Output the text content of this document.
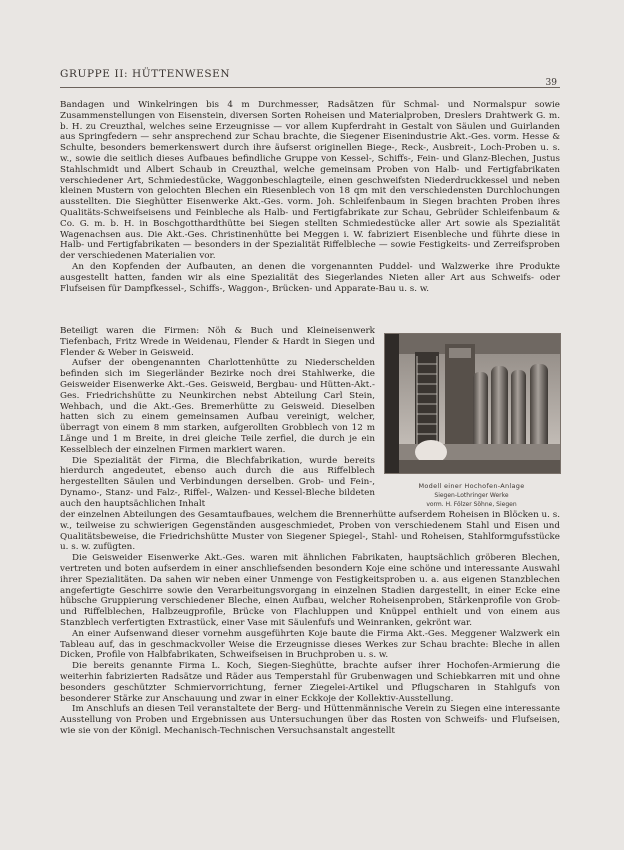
GRUPPE II: HÜTTENWESEN
39

Bandagen und Winkelringen bis 4 m Durchmesser, Radsätzen für Schmal- und Normalspur sowie Zusammenstellungen von Eisenstein, diversen Sorten Roheisen und Materialproben, Dreslers Drahtwerk G. m. b. H. zu Creuzthal, welches seine Erzeugnisse — vor allem Kupferdraht in Gestalt von Säulen und Guirlanden aus Springfedern — sehr ansprechend zur Schau brachte, die Siegener Eisenindustrie Akt.-Ges. vorm. Hesse & Schulte, besonders bemerkenswert durch ihre äufserst originellen Biege-, Reck-, Ausbreit-, Loch-Proben u. s. w., sowie die seitlich dieses Aufbaues befindliche Gruppe von Kessel-, Schiffs-, Fein- und Glanz-Blechen, Justus Stahlschmidt und Albert Schaub in Creuzthal, welche gemeinsam Proben von Halb- und Fertigfabrikaten verschiedener Art, Schmiedestücke, Waggonbeschlagteile, einen geschweifsten Niederdruckkessel und neben kleinen Mustern von gelochten Blechen ein Riesenblech von 18 qm mit den verschiedensten Durchlochungen ausstellten. Die Sieghütter Eisenwerke Akt.-Ges. vorm. Joh. Schleifenbaum in Siegen brachten Proben ihres Qualitäts-Schweifseisens und Feinbleche als Halb- und Fertigfabrikate zur Schau, Gebrüder Schleifenbaum & Co. G. m. b. H. in Boschgotthardthütte bei Siegen stellten Schmiedestücke aller Art sowie als Spezialität Wagenachsen aus. Die Akt.-Ges. Christinenhütte bei Meggen i. W. fabriziert Eisenbleche und führte diese in Halb- und Fertigfabrikaten — besonders in der Spezialität Riffelbleche — sowie Festigkeits- und Zerreifsproben der verschiedenen Materialien vor.

An den Kopfenden der Aufbauten, an denen die vorgenannten Puddel- und Walzwerke ihre Produkte ausgestellt hatten, fanden wir als eine Spezialität des Siegerlandes Nieten aller Art aus Schweifs- oder Flufseisen für Dampfkessel-, Schiffs-, Waggon-, Brücken- und Apparate-Bau u. s. w.

Beteiligt waren die Firmen: Nöh & Buch und Kleineisenwerk Tiefenbach, Fritz Wrede in Weidenau, Flender & Hardt in Siegen und Flender & Weber in Geisweid.

Aufser der obengenannten Charlottenhütte zu Niederschelden befinden sich im Siegerländer Bezirke noch drei Stahlwerke, die Geisweider Eisenwerke Akt.-Ges. Geisweid, Bergbau- und Hütten-Akt.-Ges. Friedrichshütte zu Neunkirchen nebst Abteilung Carl Stein, Wehbach, und die Akt.-Ges. Bremerhütte zu Geisweid. Dieselben hatten sich zu einem gemeinsamen Aufbau vereinigt, welcher, überragt von einem 8 mm starken, aufgerollten Grobblech von 12 m Länge und 1 m Breite, in drei gleiche Teile zerfiel, die durch je ein Kesselblech der einzelnen Firmen markiert waren.

Die Spezialität der Firma, die Blechfabrikation, wurde bereits hierdurch angedeutet, ebenso auch durch die aus Riffelblech hergestellten Säulen und Verbindungen derselben. Grob- und Fein-, Dynamo-, Stanz- und Falz-, Riffel-, Walzen- und Kessel-Bleche bildeten auch den hauptsächlichen Inhalt

Modell einer Hochofen-Anlage
Siegen-Lothringer Werke
vorm. H. Fölzer Söhne, Siegen

der einzelnen Abteilungen des Gesamtaufbaues, welchem die Brennerhütte aufserdem Roheisen in Blöcken u. s. w., teilweise zu schwierigen Gegenständen ausgeschmiedet, Proben von verschiedenem Stahl und Eisen und Qualitätsbeweise, die Friedrichshütte Muster von Siegener Spiegel-, Stahl- und Roheisen, Stahlformgufsstücke u. s. w. zufügten.

Die Geisweider Eisenwerke Akt.-Ges. waren mit ähnlichen Fabrikaten, hauptsächlich gröberen Blechen, vertreten und boten aufserdem in einer anschliefsenden besondern Koje eine schöne und interessante Auswahl ihrer Spezialitäten. Da sahen wir neben einer Unmenge von Festigkeitsproben u. a. aus eigenen Stanzblechen angefertigte Geschirre sowie den Verarbeitungsvorgang in einzelnen Stadien dargestellt, in einer Ecke eine hübsche Gruppierung verschiedener Bleche, einen Aufbau, welcher Roheisenproben, Stärkenprofile von Grob- und Riffelblechen, Halbzeugprofile, Brücke von Flachluppen und Knüppel enthielt und von einem aus Stanzblech verfertigten Extrastück, einer Vase mit Säulenfufs und Weinranken, gekrönt war.

An einer Aufsenwand dieser vornehm ausgeführten Koje baute die Firma Akt.-Ges. Meggener Walzwerk ein Tableau auf, das in geschmackvoller Weise die Erzeugnisse dieses Werkes zur Schau brachte: Bleche in allen Dicken, Profile von Halbfabrikaten, Schweifseisen in Bruchproben u. s. w.

Die bereits genannte Firma L. Koch, Siegen-Sieghütte, brachte aufser ihrer Hochofen-Armierung die weiterhin fabrizierten Radsätze und Räder aus Temperstahl für Grubenwagen und Schiebkarren mit und ohne besonders geschützter Schmiervorrichtung, ferner Ziegelei-Artikel und Pflugscharen in Stahlgufs von besonderer Stärke zur Anschauung und zwar in einer Eckkoje der Kollektiv-Ausstellung.

Im Anschlufs an diesen Teil veranstaltete der Berg- und Hüttenmännische Verein zu Siegen eine interessante Ausstellung von Proben und Ergebnissen aus Untersuchungen über das Rosten von Schweifs- und Flufseisen, wie sie von der Königl. Mechanisch-Technischen Versuchsanstalt angestellt
